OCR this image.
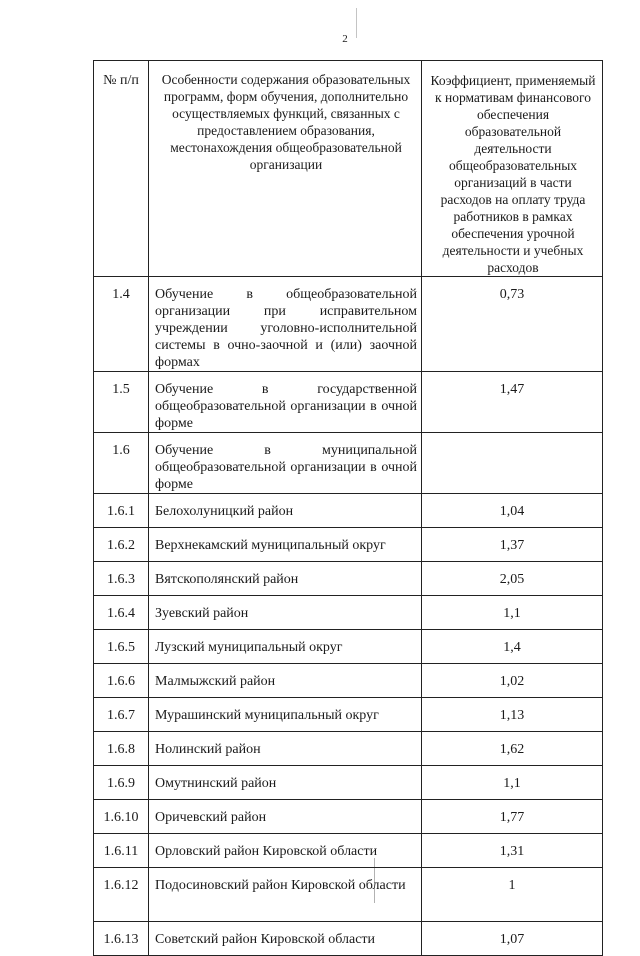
2
№ п/п	Особенности содержания образовательных программ, форм обучения, дополнительно осуществляемых функций, связанных с предоставлением образования, местонахождения общеобразовательной организации	Коэффициент, применяемый к нормативам финансового обеспечения образовательной деятельности общеобразовательных организаций в части расходов на оплату труда работников в рамках обеспечения урочной деятельности и учебных расходов
1.4	Обучение в общеобразовательной организации при исправительном учреждении уголовно-исполнительной системы в очно-заочной и (или) заочной формах	0,73
1.5	Обучение в государственной общеобразовательной организации в очной форме	1,47
1.6	Обучение в муниципальной общеобразовательной организации в очной форме	
1.6.1	Белохолуницкий район	1,04
1.6.2	Верхнекамский муниципальный округ	1,37
1.6.3	Вятскополянский район	2,05
1.6.4	Зуевский район	1,1
1.6.5	Лузский муниципальный округ	1,4
1.6.6	Малмыжский район	1,02
1.6.7	Мурашинский муниципальный округ	1,13
1.6.8	Нолинский район	1,62
1.6.9	Омутнинский район	1,1
1.6.10	Оричевский район	1,77
1.6.11	Орловский район Кировской области	1,31
1.6.12	Подосиновский район Кировской области	1
1.6.13	Советский район Кировской области	1,07
